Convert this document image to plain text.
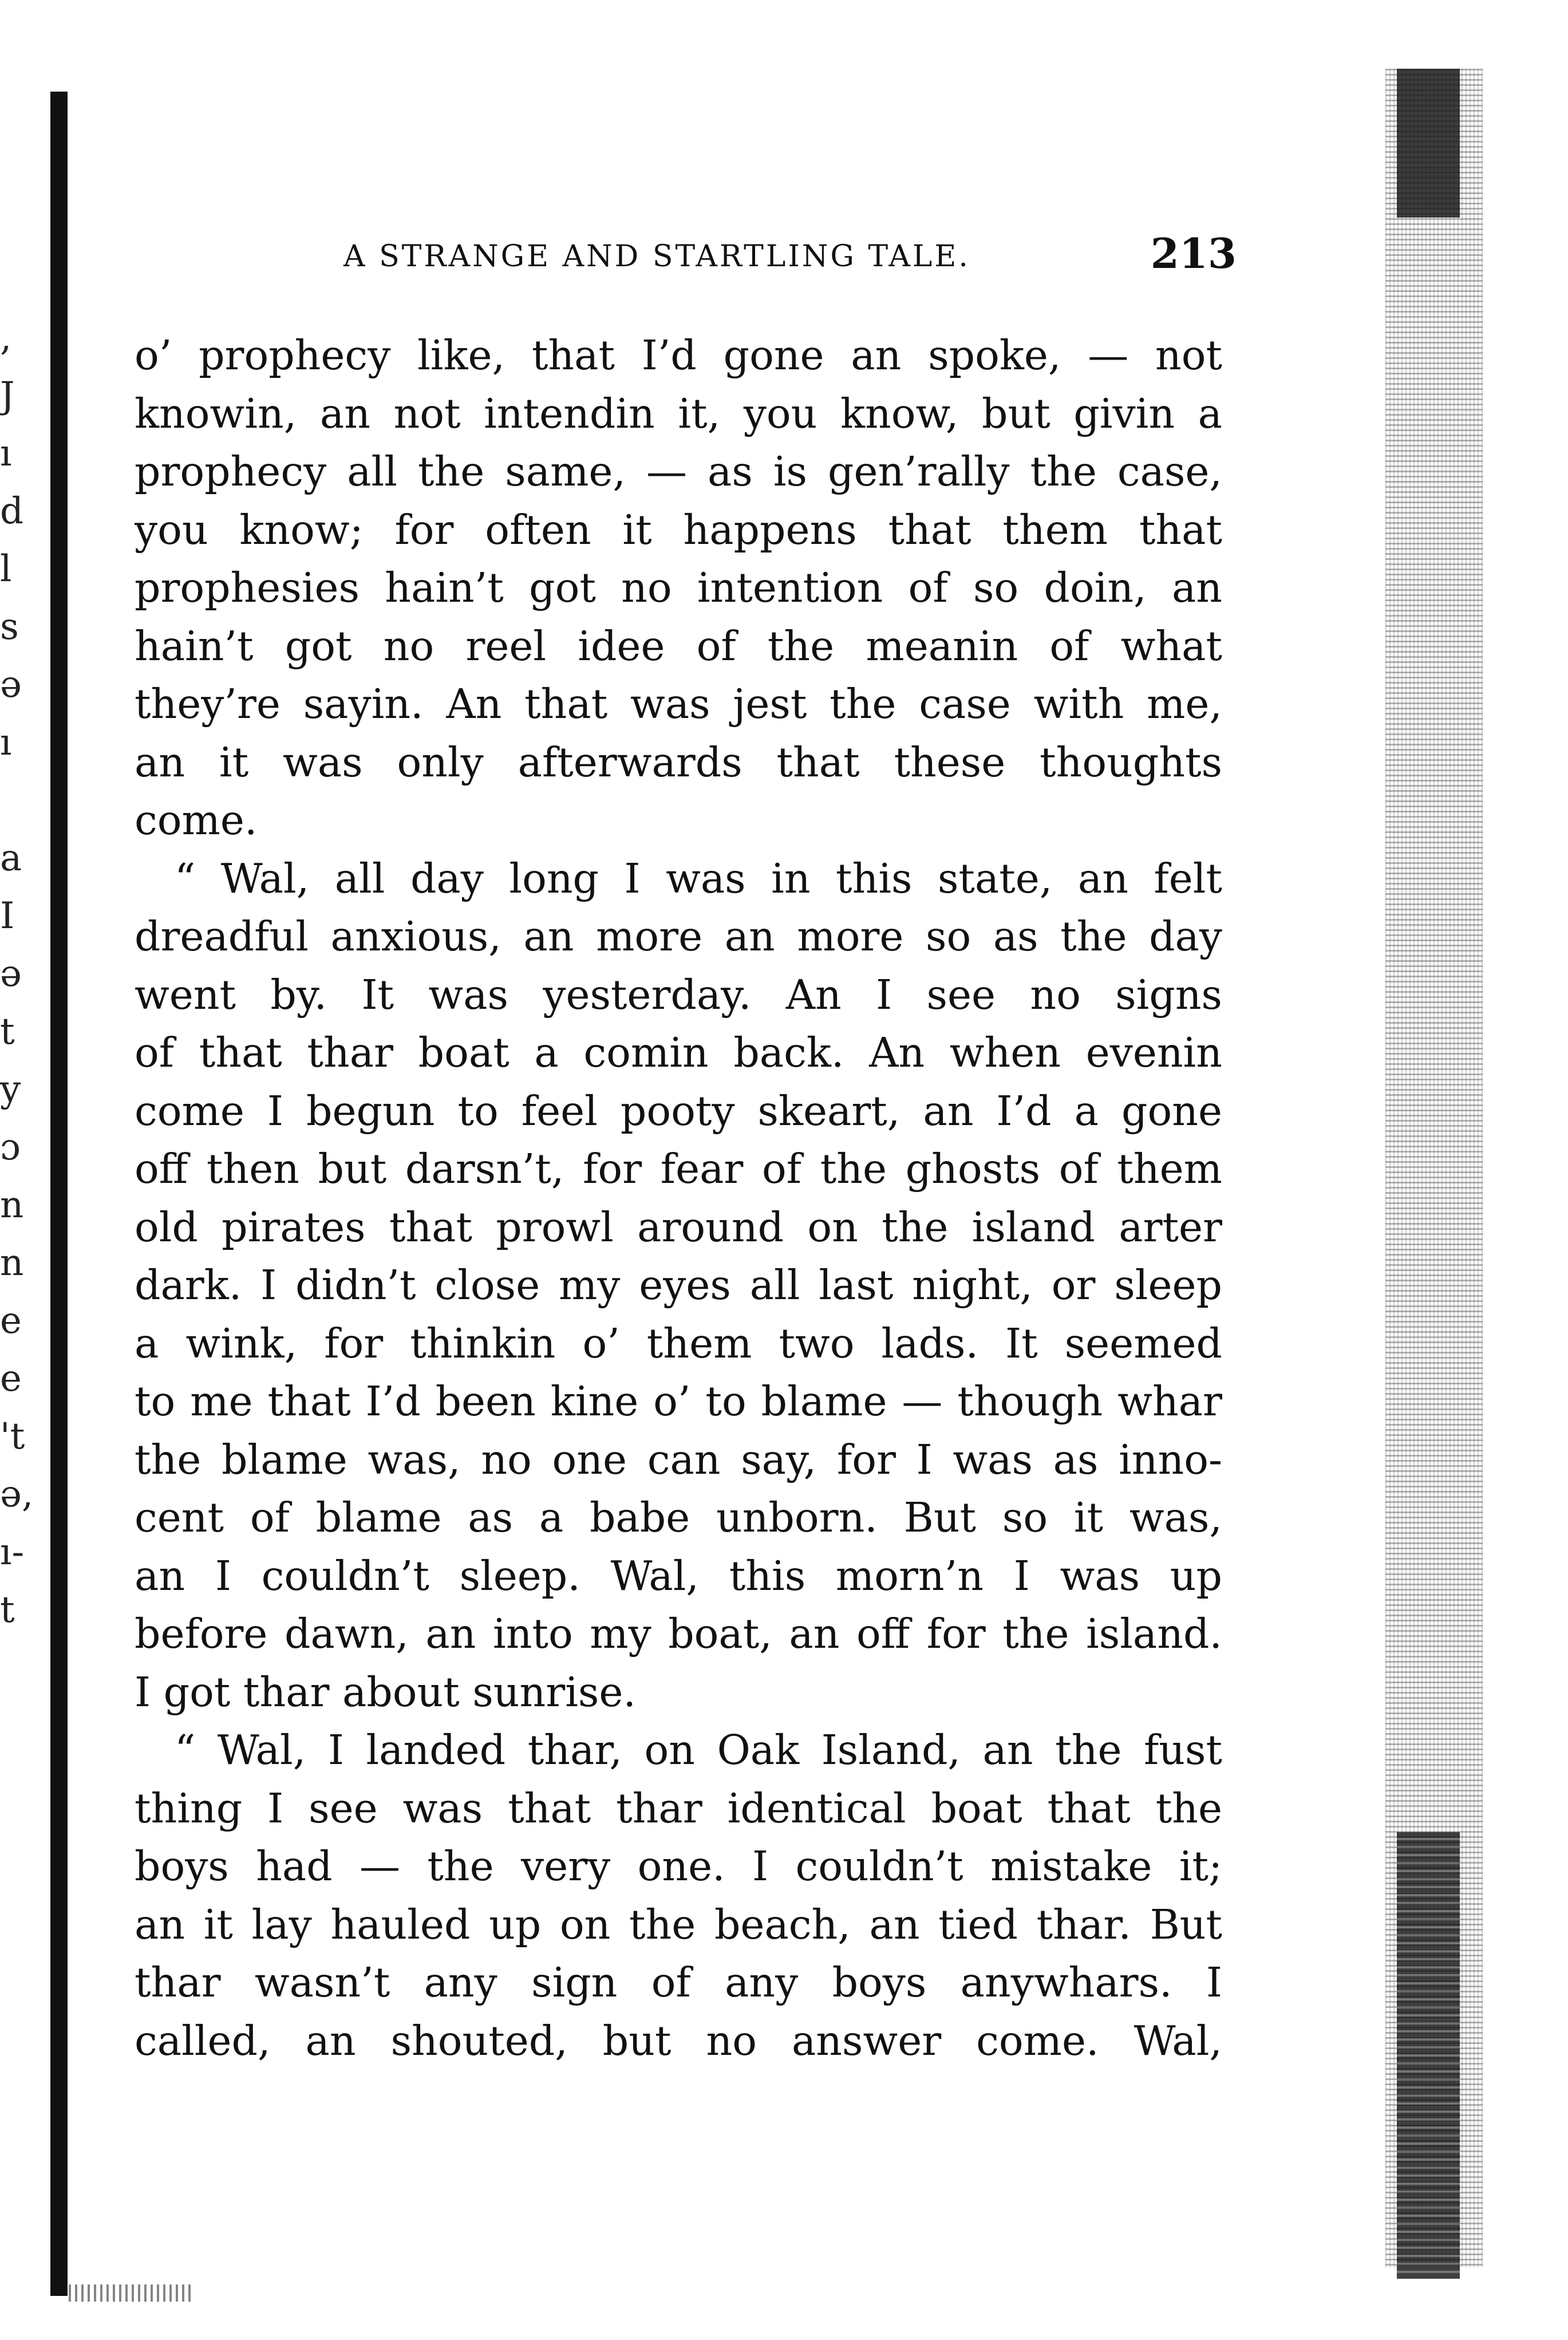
,
J
ı
d
l
s
ə
ı
a
I
ə
t
y
ɔ
n
n
e
e
't
ə,
ı-
t
A STRANGE AND STARTLING TALE.	213
o’ prophecy like, that I’d gone an spoke, — not
knowin, an not intendin it, you know, but givin a
prophecy all the same, — as is gen’rally the case,
you know; for often it happens that them that
prophesies hain’t got no intention of so doin, an
hain’t got no reel idee of the meanin of what
they’re sayin. An that was jest the case with me,
an it was only afterwards that these thoughts
come.
“ Wal, all day long I was in this state, an felt
dreadful anxious, an more an more so as the day
went by. It was yesterday. An I see no signs
of that thar boat a comin back. An when evenin
come I begun to feel pooty skeart, an I’d a gone
off then but darsn’t, for fear of the ghosts of them
old pirates that prowl around on the island arter
dark. I didn’t close my eyes all last night, or sleep
a wink, for thinkin o’ them two lads. It seemed
to me that I’d been kine o’ to blame — though whar
the blame was, no one can say, for I was as inno-
cent of blame as a babe unborn. But so it was,
an I couldn’t sleep. Wal, this morn’n I was up
before dawn, an into my boat, an off for the island.
I got thar about sunrise.
“ Wal, I landed thar, on Oak Island, an the fust
thing I see was that thar identical boat that the
boys had — the very one. I couldn’t mistake it;
an it lay hauled up on the beach, an tied thar. But
thar wasn’t any sign of any boys anywhars. I
called, an shouted, but no answer come. Wal,
